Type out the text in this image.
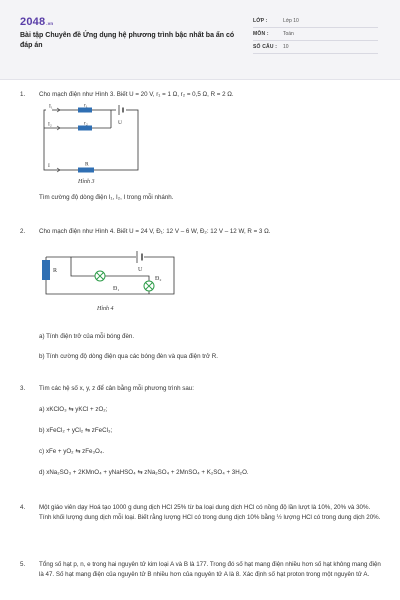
2048.vn
Bài tập Chuyên đề Ứng dụng hệ phương trình bậc nhất ba ẩn có đáp án
LỚP :	Lớp 10
MÔN :	Toán
SỐ CÂU :	10
1. Cho mạch điện như Hình 3. Biết U = 20 V, r₁ = 1 Ω, r₂ = 0,5 Ω, R = 2 Ω.
I₁	r₁
I₂	r₂	U
I	R
Hình 3
Tìm cường độ dòng điện I₁, I₂, I trong mỗi nhánh.
2. Cho mạch điện như Hình 4. Biết U = 24 V, Đ₁: 12 V – 6 W, Đ₂: 12 V – 12 W, R = 3 Ω.
R	U
Đ₁
Đ₂
Hình 4
a) Tính điện trở của mỗi bóng đèn.
b) Tính cường độ dòng điện qua các bóng đèn và qua điện trở R.
3. Tìm các hệ số x, y, z để cân bằng mỗi phương trình sau:
a) xKClO₃ ⇆ yKCl + zO₂;
b) xFeCl₂ + yCl₂ ⇆ zFeCl₃;
c) xFe + yO₂ ⇆ zFe₃O₄.
d) xNa₂SO₃ + 2KMnO₄ + yNaHSO₄ ⇆ zNa₂SO₄ + 2MnSO₄ + K₂SO₄ + 3H₂O.
4. Một giáo viên dạy Hoá tạo 1000 g dung dịch HCl 25% từ ba loại dung dịch HCl có nồng độ lần lượt là 10%, 20% và 30%. Tính khối lượng dung dịch mỗi loại. Biết rằng lượng HCl có trong dung dịch 10% bằng ½ lượng HCl có trong dung dịch 20%.
5. Tổng số hạt p, n, e trong hai nguyên tử kim loại A và B là 177. Trong đó số hạt mang điện nhiều hơn số hạt không mang điện là 47. Số hạt mang điện của nguyên tử B nhiều hơn của nguyên tử A là 8. Xác định số hạt proton trong một nguyên tử A.
